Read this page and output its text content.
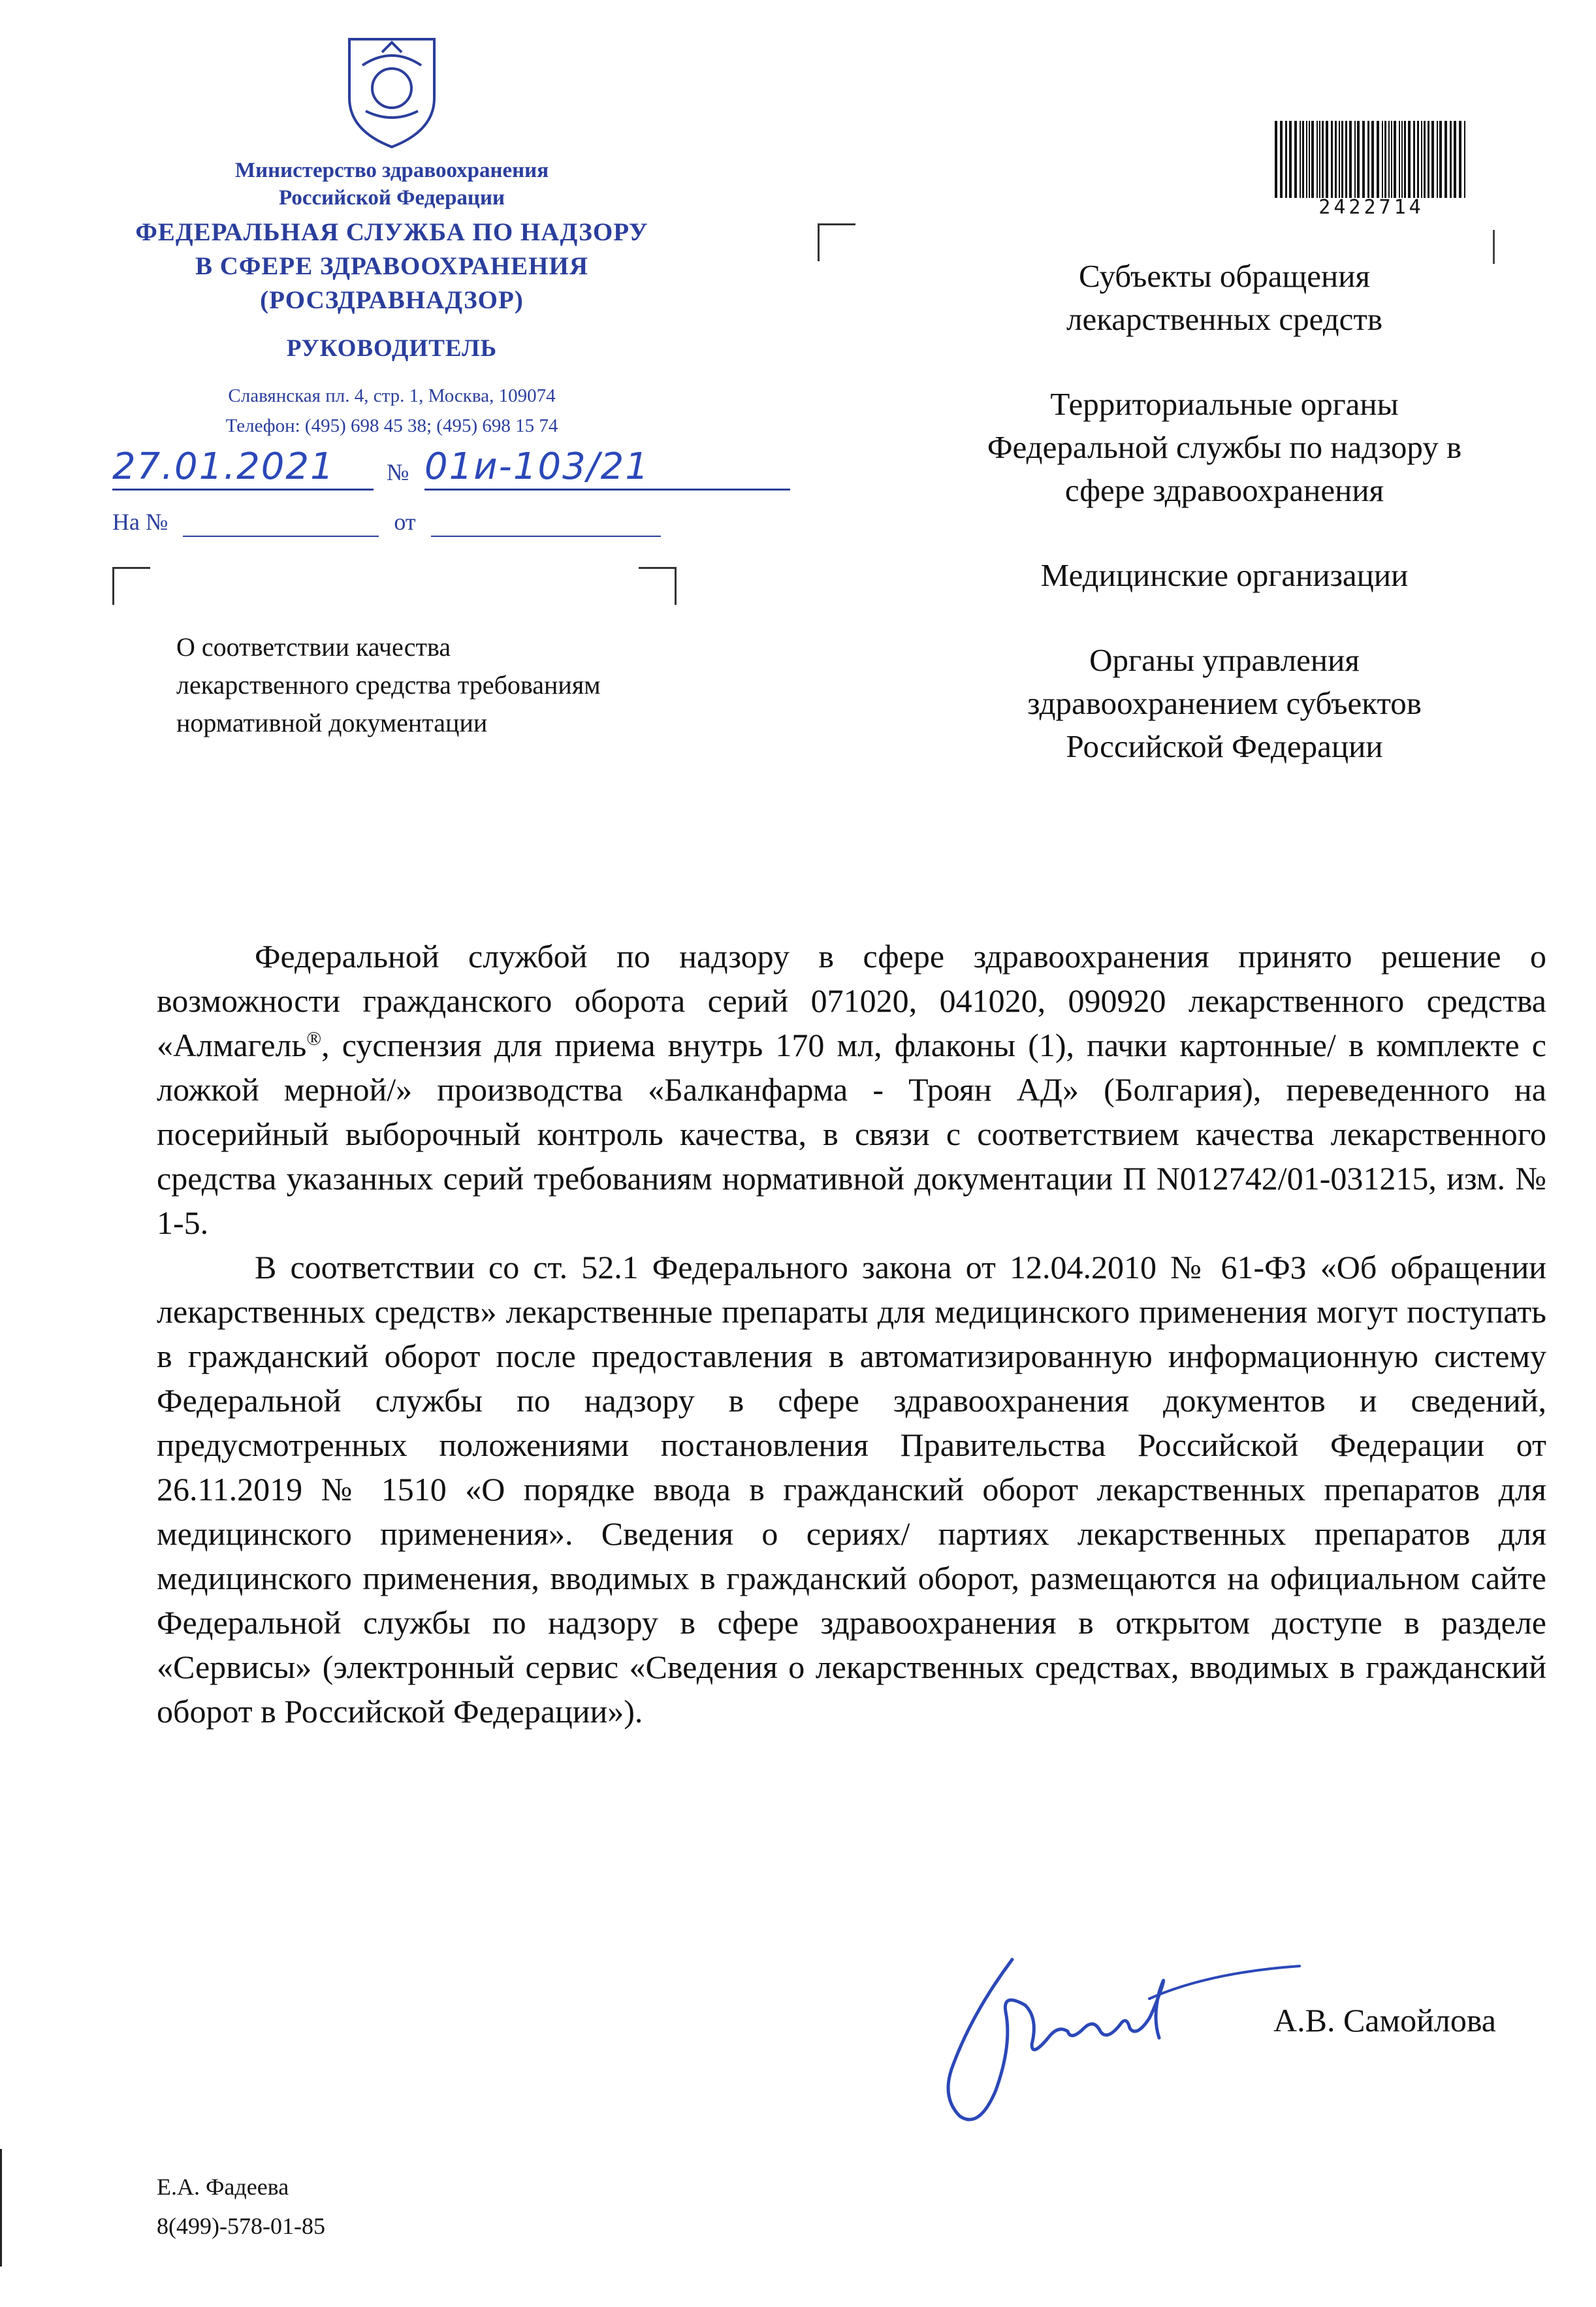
Министерство здравоохранения
Российской Федерации
ФЕДЕРАЛЬНАЯ СЛУЖБА ПО НАДЗОРУ
В СФЕРЕ ЗДРАВООХРАНЕНИЯ
(РОСЗДРАВНАДЗОР)
РУКОВОДИТЕЛЬ
Славянская пл. 4, стр. 1, Москва, 109074
Телефон: (495) 698 45 38; (495) 698 15 74
27.01.2021 № 01и-103/21
На №	от
О соответствии качества
лекарственного средства требованиям
нормативной документации
2422714
Субъекты обращения
лекарственных средств
Территориальные органы
Федеральной службы по надзору в
сфере здравоохранения
Медицинские организации
Органы управления
здравоохранением субъектов
Российской Федерации

Федеральной службой по надзору в сфере здравоохранения принято решение о возможности гражданского оборота серий 071020, 041020, 090920 лекарственного средства «Алмагель®, суспензия для приема внутрь 170 мл, флаконы (1), пачки картонные/ в комплекте с ложкой мерной/» производства «Балканфарма - Троян АД» (Болгария), переведенного на посерийный выборочный контроль качества, в связи с соответствием качества лекарственного средства указанных серий требованиям нормативной документации П N012742/01-031215, изм. № 1-5.

В соответствии со ст. 52.1 Федерального закона от 12.04.2010 № 61-ФЗ «Об обращении лекарственных средств» лекарственные препараты для медицинского применения могут поступать в гражданский оборот после предоставления в автоматизированную информационную систему Федеральной службы по надзору в сфере здравоохранения документов и сведений, предусмотренных положениями постановления Правительства Российской Федерации от 26.11.2019 № 1510 «О порядке ввода в гражданский оборот лекарственных препаратов для медицинского применения». Сведения о сериях/ партиях лекарственных препаратов для медицинского применения, вводимых в гражданский оборот, размещаются на официальном сайте Федеральной службы по надзору в сфере здравоохранения в открытом доступе в разделе «Сервисы» (электронный сервис «Сведения о лекарственных средствах, вводимых в гражданский оборот в Российской Федерации»).

А.В. Самойлова
Е.А. Фадеева
8(499)-578-01-85
